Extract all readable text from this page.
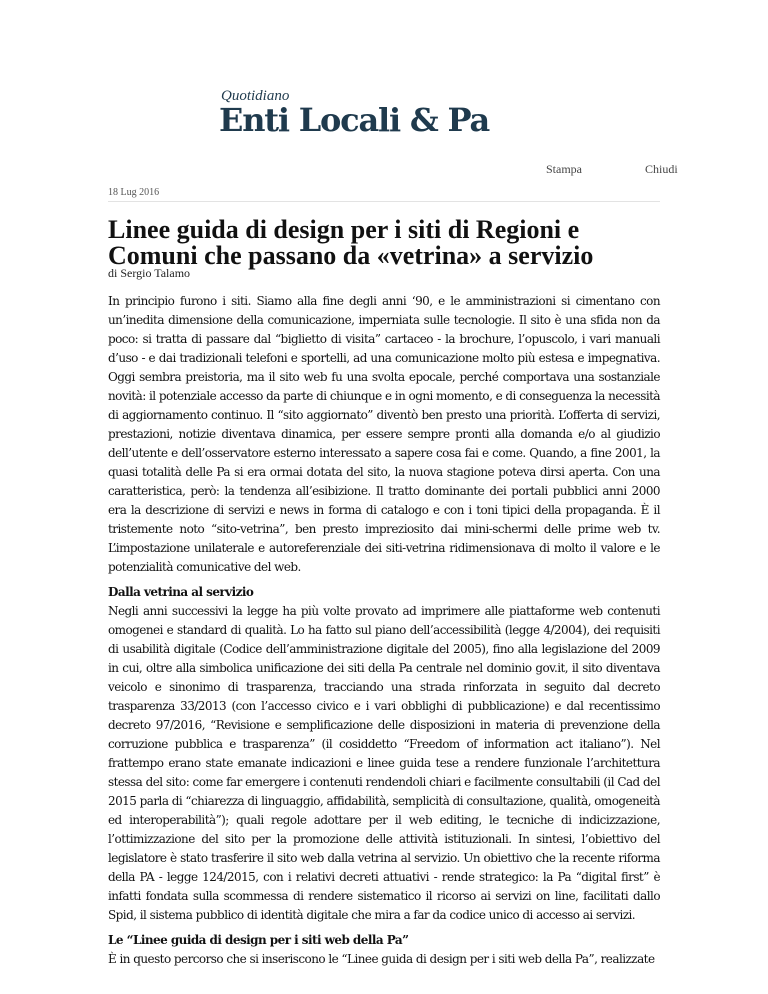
Quotidiano
Enti Locali & Pa
Stampa	Chiudi
18 Lug 2016
Linee guida di design per i siti di Regioni e Comuni che passano da «vetrina» a servizio
di Sergio Talamo

In principio furono i siti. Siamo alla fine degli anni ‘90, e le amministrazioni si cimentano con un’inedita dimensione della comunicazione, imperniata sulle tecnologie. Il sito è una sfida non da poco: si tratta di passare dal “biglietto di visita” cartaceo - la brochure, l’opuscolo, i vari manuali d’uso - e dai tradizionali telefoni e sportelli, ad una comunicazione molto più estesa e impegnativa. Oggi sembra preistoria, ma il sito web fu una svolta epocale, perché comportava una sostanziale novità: il potenziale accesso da parte di chiunque e in ogni momento, e di conseguenza la necessità di aggiornamento continuo. Il “sito aggiornato” diventò ben presto una priorità. L’offerta di servizi, prestazioni, notizie diventava dinamica, per essere sempre pronti alla domanda e/o al giudizio dell’utente e dell’osservatore esterno interessato a sapere cosa fai e come. Quando, a fine 2001, la quasi totalità delle Pa si era ormai dotata del sito, la nuova stagione poteva dirsi aperta. Con una caratteristica, però: la tendenza all’esibizione. Il tratto dominante dei portali pubblici anni 2000 era la descrizione di servizi e news in forma di catalogo e con i toni tipici della propaganda. È il tristemente noto “sito-vetrina”, ben presto impreziosito dai mini-schermi delle prime web tv. L’impostazione unilaterale e autoreferenziale dei siti-vetrina ridimensionava di molto il valore e le potenzialità comunicative del web.

Dalla vetrina al servizio

Negli anni successivi la legge ha più volte provato ad imprimere alle piattaforme web contenuti omogenei e standard di qualità. Lo ha fatto sul piano dell’accessibilità (legge 4/2004), dei requisiti di usabilità digitale (Codice dell’amministrazione digitale del 2005), fino alla legislazione del 2009 in cui, oltre alla simbolica unificazione dei siti della Pa centrale nel dominio gov.it, il sito diventava veicolo e sinonimo di trasparenza, tracciando una strada rinforzata in seguito dal decreto trasparenza 33/2013 (con l’accesso civico e i vari obblighi di pubblicazione) e dal recentissimo decreto 97/2016, “Revisione e semplificazione delle disposizioni in materia di prevenzione della corruzione pubblica e trasparenza” (il cosiddetto “Freedom of information act italiano”). Nel frattempo erano state emanate indicazioni e linee guida tese a rendere funzionale l’architettura stessa del sito: come far emergere i contenuti rendendoli chiari e facilmente consultabili (il Cad del 2015 parla di “chiarezza di linguaggio, affidabilità, semplicità di consultazione, qualità, omogeneità ed interoperabilità”); quali regole adottare per il web editing, le tecniche di indicizzazione, l’ottimizzazione del sito per la promozione delle attività istituzionali. In sintesi, l’obiettivo del legislatore è stato trasferire il sito web dalla vetrina al servizio. Un obiettivo che la recente riforma della PA - legge 124/2015, con i relativi decreti attuativi - rende strategico: la Pa “digital first” è infatti fondata sulla scommessa di rendere sistematico il ricorso ai servizi on line, facilitati dallo Spid, il sistema pubblico di identità digitale che mira a far da codice unico di accesso ai servizi.

Le “Linee guida di design per i siti web della Pa”

È in questo percorso che si inseriscono le “Linee guida di design per i siti web della Pa”, realizzate
